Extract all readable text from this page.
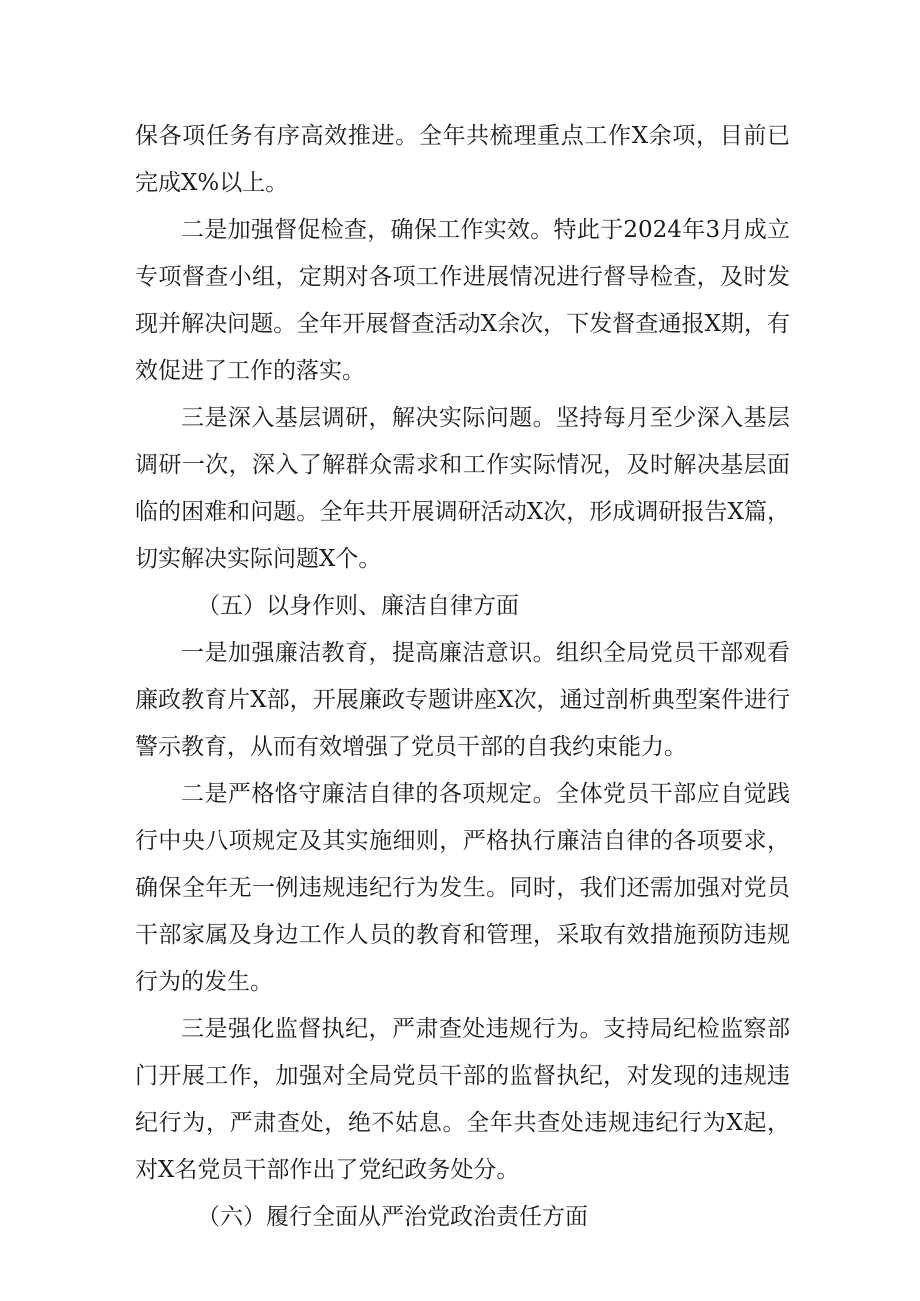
保各项任务有序高效推进。全年共梳理重点工作X余项，目前已完成X%以上。

二是加强督促检查，确保工作实效。特此于2024年3月成立专项督查小组，定期对各项工作进展情况进行督导检查，及时发现并解决问题。全年开展督查活动X余次，下发督查通报X期，有效促进了工作的落实。

三是深入基层调研，解决实际问题。坚持每月至少深入基层调研一次，深入了解群众需求和工作实际情况，及时解决基层面临的困难和问题。全年共开展调研活动X次，形成调研报告X篇，切实解决实际问题X个。

（五）以身作则、廉洁自律方面

一是加强廉洁教育，提高廉洁意识。组织全局党员干部观看廉政教育片X部，开展廉政专题讲座X次，通过剖析典型案件进行警示教育，从而有效增强了党员干部的自我约束能力。

二是严格恪守廉洁自律的各项规定。全体党员干部应自觉践行中央八项规定及其实施细则，严格执行廉洁自律的各项要求，确保全年无一例违规违纪行为发生。同时，我们还需加强对党员干部家属及身边工作人员的教育和管理，采取有效措施预防违规行为的发生。

三是强化监督执纪，严肃查处违规行为。支持局纪检监察部门开展工作，加强对全局党员干部的监督执纪，对发现的违规违纪行为，严肃查处，绝不姑息。全年共查处违规违纪行为X起，对X名党员干部作出了党纪政务处分。

（六）履行全面从严治党政治责任方面
